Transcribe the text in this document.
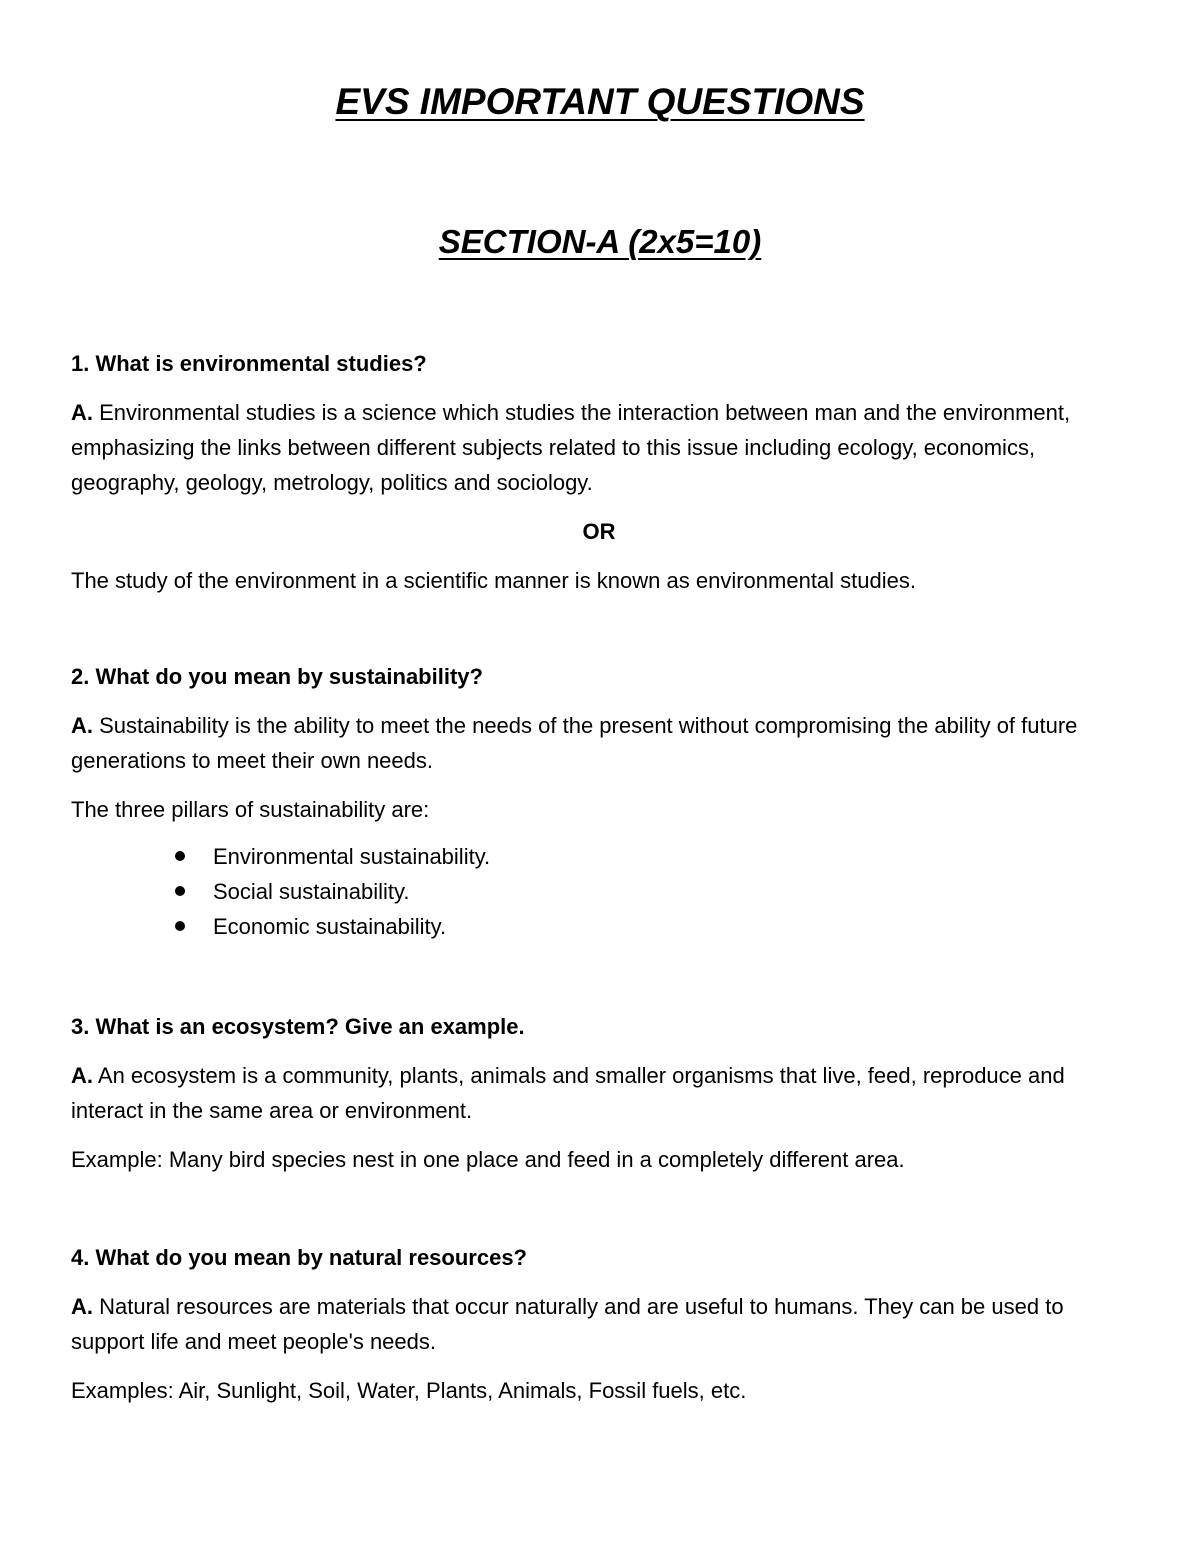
EVS IMPORTANT QUESTIONS
SECTION-A (2x5=10)

1. What is environmental studies?

A. Environmental studies is a science which studies the interaction between man and the environment, emphasizing the links between different subjects related to this issue including ecology, economics, geography, geology, metrology, politics and sociology.

OR

The study of the environment in a scientific manner is known as environmental studies.

2. What do you mean by sustainability?

A. Sustainability is the ability to meet the needs of the present without compromising the ability of future generations to meet their own needs.

The three pillars of sustainability are:

Environmental sustainability.
Social sustainability.
Economic sustainability.

3. What is an ecosystem? Give an example.

A. An ecosystem is a community, plants, animals and smaller organisms that live, feed, reproduce and interact in the same area or environment.

Example: Many bird species nest in one place and feed in a completely different area.

4. What do you mean by natural resources?

A. Natural resources are materials that occur naturally and are useful to humans. They can be used to support life and meet people's needs.

Examples: Air, Sunlight, Soil, Water, Plants, Animals, Fossil fuels, etc.
